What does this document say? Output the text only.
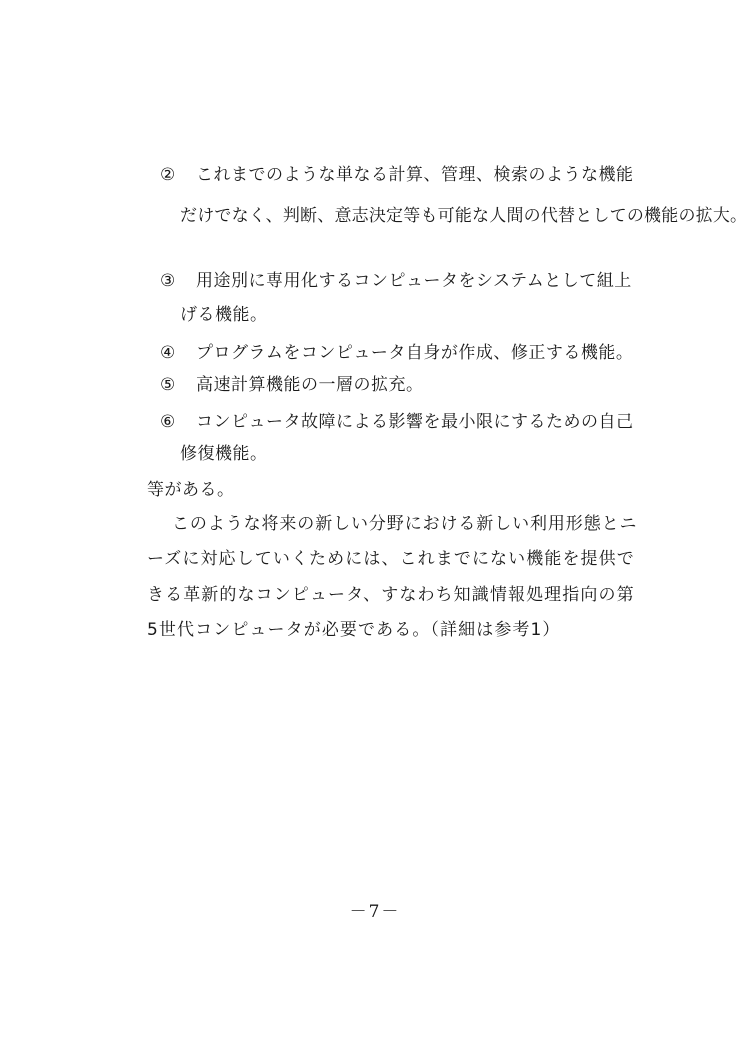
② これまでのような単なる計算、管理、検索のような機能
だけでなく、判断、意志決定等も可能な人間の代替としての機能の拡大。
③ 用途別に専用化するコンピュータをシステムとして組上
げる機能。
④ プログラムをコンピュータ自身が作成、修正する機能。
⑤ 高速計算機能の一層の拡充。
⑥ コンピュータ故障による影響を最小限にするための自己
修復機能。
等がある。
このような将来の新しい分野における新しい利用形態とニ
ーズに対応していくためには、これまでにない機能を提供で
きる革新的なコンピュータ、すなわち知識情報処理指向の第
5世代コンピュータが必要である。（詳細は参考1）
－7－
